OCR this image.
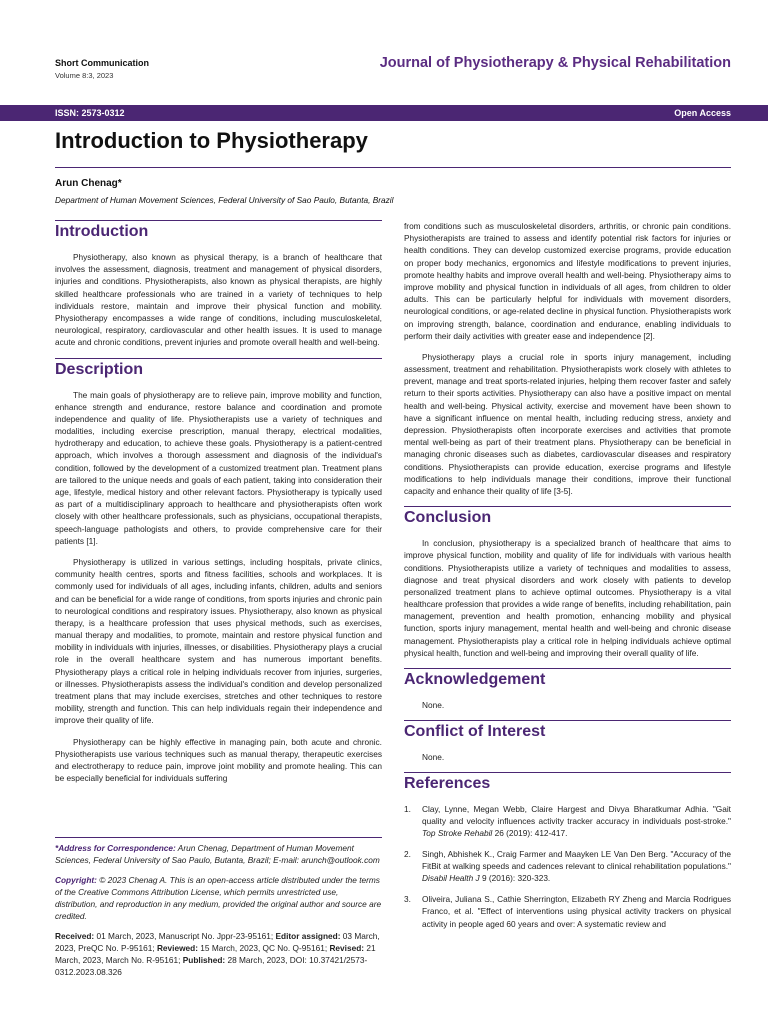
Short Communication
Volume 8:3, 2023
Journal of Physiotherapy & Physical Rehabilitation
ISSN: 2573-0312	Open Access
Introduction to Physiotherapy
Arun Chenag*
Department of Human Movement Sciences, Federal University of Sao Paulo, Butanta, Brazil
Introduction

Physiotherapy, also known as physical therapy, is a branch of healthcare that involves the assessment, diagnosis, treatment and management of physical disorders, injuries and conditions. Physiotherapists, also known as physical therapists, are highly skilled healthcare professionals who are trained in a variety of techniques to help individuals restore, maintain and improve their physical function and mobility. Physiotherapy encompasses a wide range of conditions, including musculoskeletal, neurological, respiratory, cardiovascular and other health issues. It is used to manage acute and chronic conditions, prevent injuries and promote overall health and well-being.

Description

The main goals of physiotherapy are to relieve pain, improve mobility and function, enhance strength and endurance, restore balance and coordination and promote independence and quality of life. Physiotherapists use a variety of techniques and modalities, including exercise prescription, manual therapy, electrical modalities, hydrotherapy and education, to achieve these goals. Physiotherapy is a patient-centred approach, which involves a thorough assessment and diagnosis of the individual's condition, followed by the development of a customized treatment plan. Treatment plans are tailored to the unique needs and goals of each patient, taking into consideration their age, lifestyle, medical history and other relevant factors. Physiotherapy is typically used as part of a multidisciplinary approach to healthcare and physiotherapists often work closely with other healthcare professionals, such as physicians, occupational therapists, speech-language pathologists and others, to provide comprehensive care for their patients [1].

Physiotherapy is utilized in various settings, including hospitals, private clinics, community health centres, sports and fitness facilities, schools and workplaces. It is commonly used for individuals of all ages, including infants, children, adults and seniors and can be beneficial for a wide range of conditions, from sports injuries and chronic pain to neurological conditions and respiratory issues. Physiotherapy, also known as physical therapy, is a healthcare profession that uses physical methods, such as exercises, manual therapy and modalities, to promote, maintain and restore physical function and mobility in individuals with injuries, illnesses, or disabilities. Physiotherapy plays a crucial role in the overall healthcare system and has numerous important benefits. Physiotherapy plays a critical role in helping individuals recover from injuries, surgeries, or illnesses. Physiotherapists assess the individual's condition and develop personalized treatment plans that may include exercises, stretches and other techniques to restore mobility, strength and function. This can help individuals regain their independence and improve their quality of life.

Physiotherapy can be highly effective in managing pain, both acute and chronic. Physiotherapists use various techniques such as manual therapy, therapeutic exercises and electrotherapy to reduce pain, improve joint mobility and promote healing. This can be especially beneficial for individuals suffering

*Address for Correspondence: Arun Chenag, Department of Human Movement Sciences, Federal University of Sao Paulo, Butanta, Brazil; E-mail: arunch@outlook.com

Copyright: © 2023 Chenag A. This is an open-access article distributed under the terms of the Creative Commons Attribution License, which permits unrestricted use, distribution, and reproduction in any medium, provided the original author and source are credited.

Received: 01 March, 2023, Manuscript No. Jppr-23-95161; Editor assigned: 03 March, 2023, PreQC No. P-95161; Reviewed: 15 March, 2023, QC No. Q-95161; Revised: 21 March, 2023, March No. R-95161; Published: 28 March, 2023, DOI: 10.37421/2573-0312.2023.08.326

from conditions such as musculoskeletal disorders, arthritis, or chronic pain conditions. Physiotherapists are trained to assess and identify potential risk factors for injuries or health conditions. They can develop customized exercise programs, provide education on proper body mechanics, ergonomics and lifestyle modifications to prevent injuries, promote healthy habits and improve overall health and well-being. Physiotherapy aims to improve mobility and physical function in individuals of all ages, from children to older adults. This can be particularly helpful for individuals with movement disorders, neurological conditions, or age-related decline in physical function. Physiotherapists work on improving strength, balance, coordination and endurance, enabling individuals to perform their daily activities with greater ease and independence [2].

Physiotherapy plays a crucial role in sports injury management, including assessment, treatment and rehabilitation. Physiotherapists work closely with athletes to prevent, manage and treat sports-related injuries, helping them recover faster and safely return to their sports activities. Physiotherapy can also have a positive impact on mental health and well-being. Physical activity, exercise and movement have been shown to have a significant influence on mental health, including reducing stress, anxiety and depression. Physiotherapists often incorporate exercises and activities that promote mental well-being as part of their treatment plans. Physiotherapy can be beneficial in managing chronic diseases such as diabetes, cardiovascular diseases and respiratory conditions. Physiotherapists can provide education, exercise programs and lifestyle modifications to help individuals manage their conditions, improve their functional capacity and enhance their quality of life [3-5].

Conclusion

In conclusion, physiotherapy is a specialized branch of healthcare that aims to improve physical function, mobility and quality of life for individuals with various health conditions. Physiotherapists utilize a variety of techniques and modalities to assess, diagnose and treat physical disorders and work closely with patients to develop personalized treatment plans to achieve optimal outcomes. Physiotherapy is a vital healthcare profession that provides a wide range of benefits, including rehabilitation, pain management, prevention and health promotion, enhancing mobility and physical function, sports injury management, mental health and well-being and chronic disease management. Physiotherapists play a critical role in helping individuals achieve optimal physical health, function and well-being and improving their overall quality of life.

Acknowledgement

None.

Conflict of Interest

None.

References
1. Clay, Lynne, Megan Webb, Claire Hargest and Divya Bharatkumar Adhia. "Gait quality and velocity influences activity tracker accuracy in individuals post-stroke." Top Stroke Rehabil 26 (2019): 412-417.
2. Singh, Abhishek K., Craig Farmer and Maayken LE Van Den Berg. "Accuracy of the FitBit at walking speeds and cadences relevant to clinical rehabilitation populations." Disabil Health J 9 (2016): 320-323.
3. Oliveira, Juliana S., Cathie Sherrington, Elizabeth RY Zheng and Marcia Rodrigues Franco, et al. "Effect of interventions using physical activity trackers on physical activity in people aged 60 years and over: A systematic review and
